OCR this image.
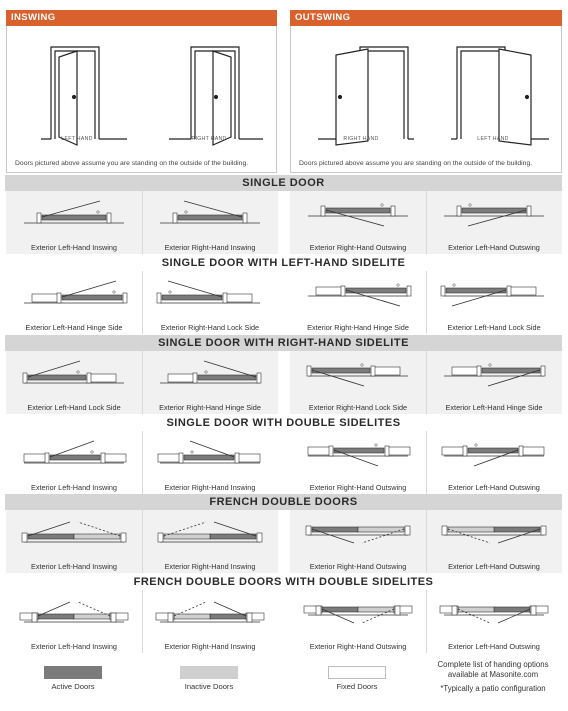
INSWING	OUTSWING
LEFT HAND	RIGHT HAND
Doors pictured above assume you are standing on the outside of the building.
RIGHT HAND	LEFT HAND
Doors pictured above assume you are standing on the outside of the building.
SINGLE DOOR
Exterior Left-Hand Inswing	Exterior Right-Hand Inswing	Exterior Right-Hand Outswing	Exterior Left-Hand Outswing
SINGLE DOOR WITH LEFT-HAND SIDELITE
Exterior Left-Hand Hinge Side	Exterior Right-Hand Lock Side	Exterior Right-Hand Hinge Side	Exterior Left-Hand Lock Side
SINGLE DOOR WITH RIGHT-HAND SIDELITE
Exterior Left-Hand Lock Side	Exterior Right-Hand Hinge Side	Exterior Right-Hand Lock Side	Exterior Left-Hand Hinge Side
SINGLE DOOR WITH DOUBLE SIDELITES
Exterior Left-Hand Inswing	Exterior Right-Hand Inswing	Exterior Right-Hand Outswing	Exterior Left-Hand Outswing
FRENCH DOUBLE DOORS
Exterior Left-Hand Inswing	Exterior Right-Hand Inswing	Exterior Right-Hand Outswing	Exterior Left-Hand Outswing
FRENCH DOUBLE DOORS WITH DOUBLE SIDELITES
Exterior Left-Hand Inswing	Exterior Right-Hand Inswing	Exterior Right-Hand Outswing	Exterior Left-Hand Outswing
Active Doors	Inactive Doors	Fixed Doors
Complete list of handing options
available at Masonite.com
*Typically a patio configuration
